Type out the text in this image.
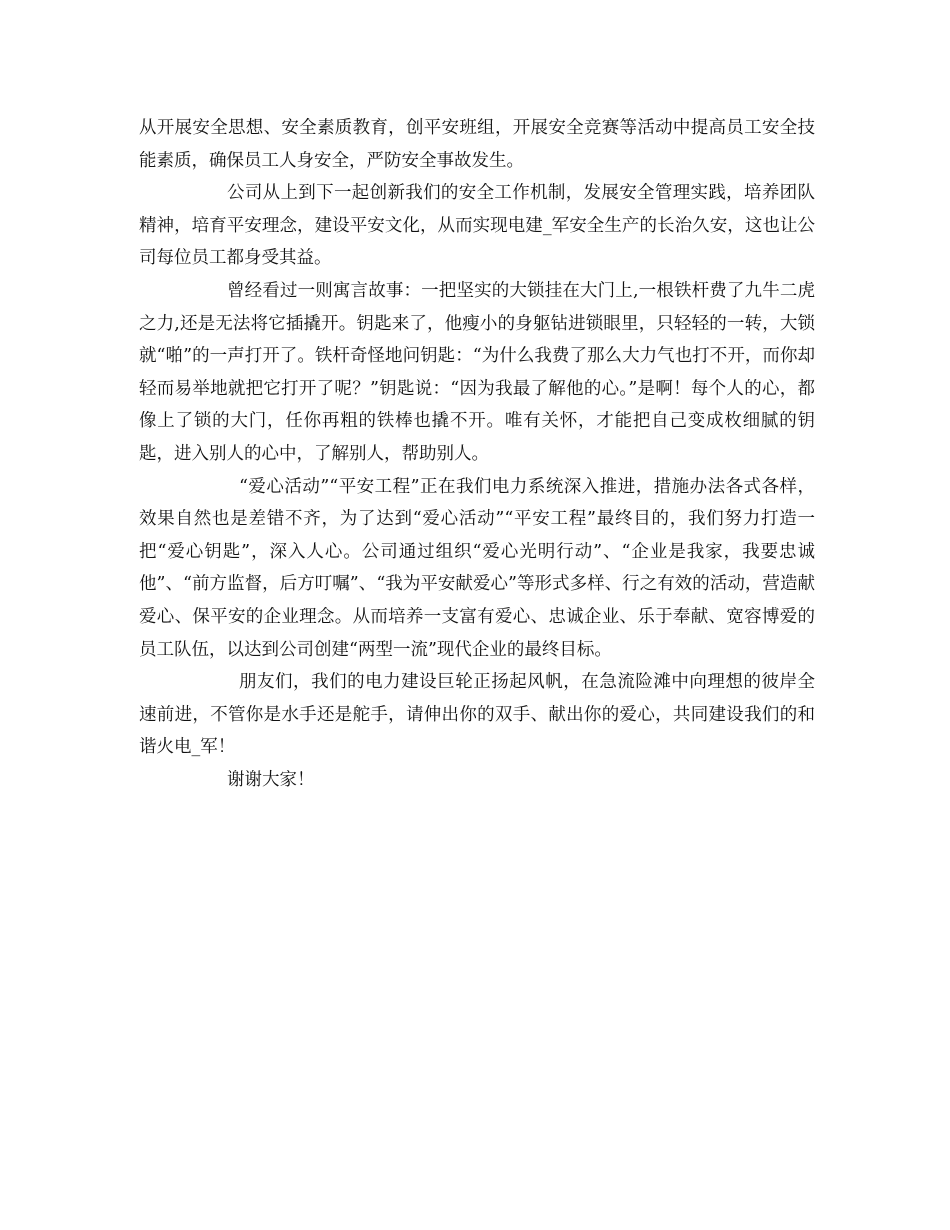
从开展安全思想、安全素质教育，创平安班组，开展安全竞赛等活动中提高员工安全技能素质，确保员工人身安全，严防安全事故发生。

公司从上到下一起创新我们的安全工作机制，发展安全管理实践，培养团队精神，培育平安理念，建设平安文化，从而实现电建_军安全生产的长治久安，这也让公司每位员工都身受其益。

曾经看过一则寓言故事：一把坚实的大锁挂在大门上,一根铁杆费了九牛二虎之力,还是无法将它插撬开。钥匙来了，他瘦小的身躯钻进锁眼里，只轻轻的一转，大锁就“啪”的一声打开了。铁杆奇怪地问钥匙：“为什么我费了那么大力气也打不开，而你却轻而易举地就把它打开了呢？”钥匙说：“因为我最了解他的心。”是啊！每个人的心，都像上了锁的大门，任你再粗的铁棒也撬不开。唯有关怀，才能把自己变成枚细腻的钥匙，进入别人的心中，了解别人，帮助别人。

“爱心活动”“平安工程”正在我们电力系统深入推进，措施办法各式各样，效果自然也是差错不齐，为了达到“爱心活动”“平安工程”最终目的，我们努力打造一把“爱心钥匙”，深入人心。公司通过组织“爱心光明行动”、“企业是我家，我要忠诚他”、“前方监督，后方叮嘱”、“我为平安献爱心”等形式多样、行之有效的活动，营造献爱心、保平安的企业理念。从而培养一支富有爱心、忠诚企业、乐于奉献、宽容博爱的员工队伍，以达到公司创建“两型一流”现代企业的最终目标。

朋友们，我们的电力建设巨轮正扬起风帆，在急流险滩中向理想的彼岸全速前进，不管你是水手还是舵手，请伸出你的双手、献出你的爱心，共同建设我们的和谐火电_军！

谢谢大家！
